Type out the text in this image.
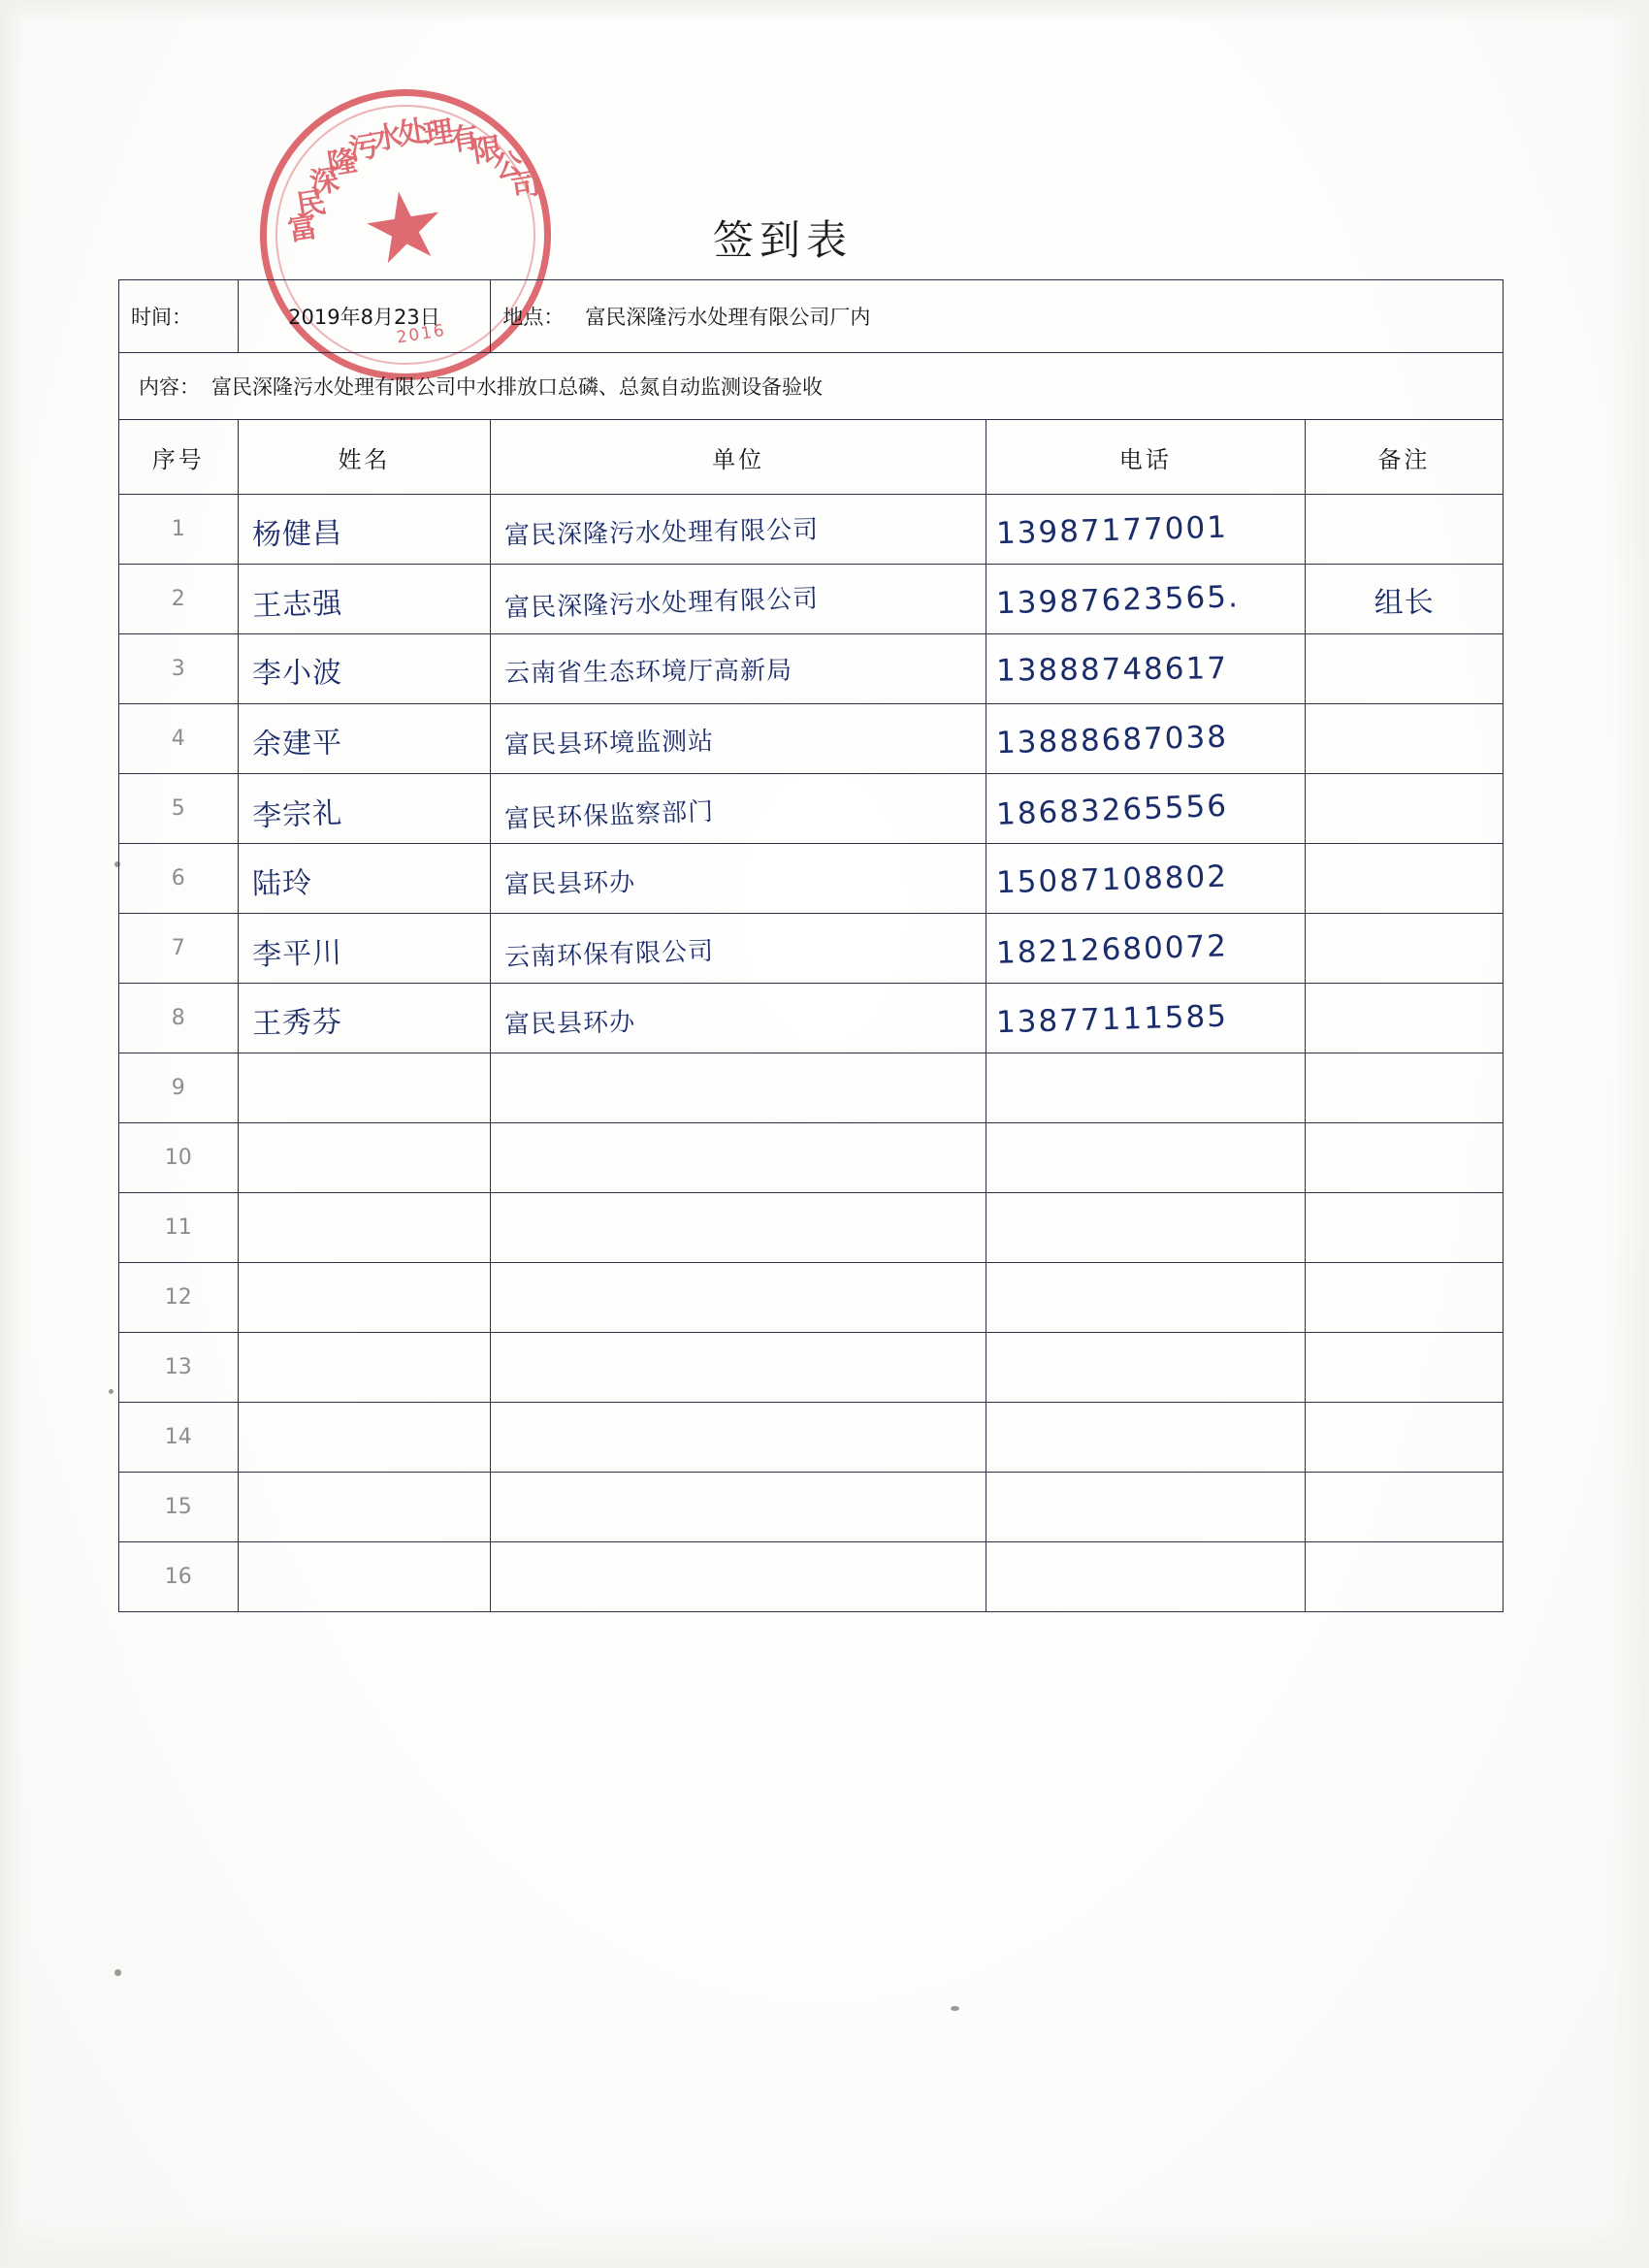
签到表
富
民
深
隆
污
水
处
理
有
限
公
司
2016
时间：	2019年8月23日	地点： 富民深隆污水处理有限公司厂内		

内容： 富民深隆污水处理有限公司中水排放口总磷、总氮自动监测设备验收				

序号	姓名	单位	电话	备注
1	杨健昌	富民深隆污水处理有限公司	13987177001	

2	王志强	富民深隆污水处理有限公司	13987623565.	组长

3	李小波	云南省生态环境厅高新局	13888748617	

4	余建平	富民县环境监测站	13888687038	

5	李宗礼	富民环保监察部门	18683265556	

6	陆玲	富民县环办	15087108802	

7	李平川	云南环保有限公司	18212680072	

8	王秀芬	富民县环办	13877111585	

9	

10	

11	

12	

13	

14	

15	

16	
